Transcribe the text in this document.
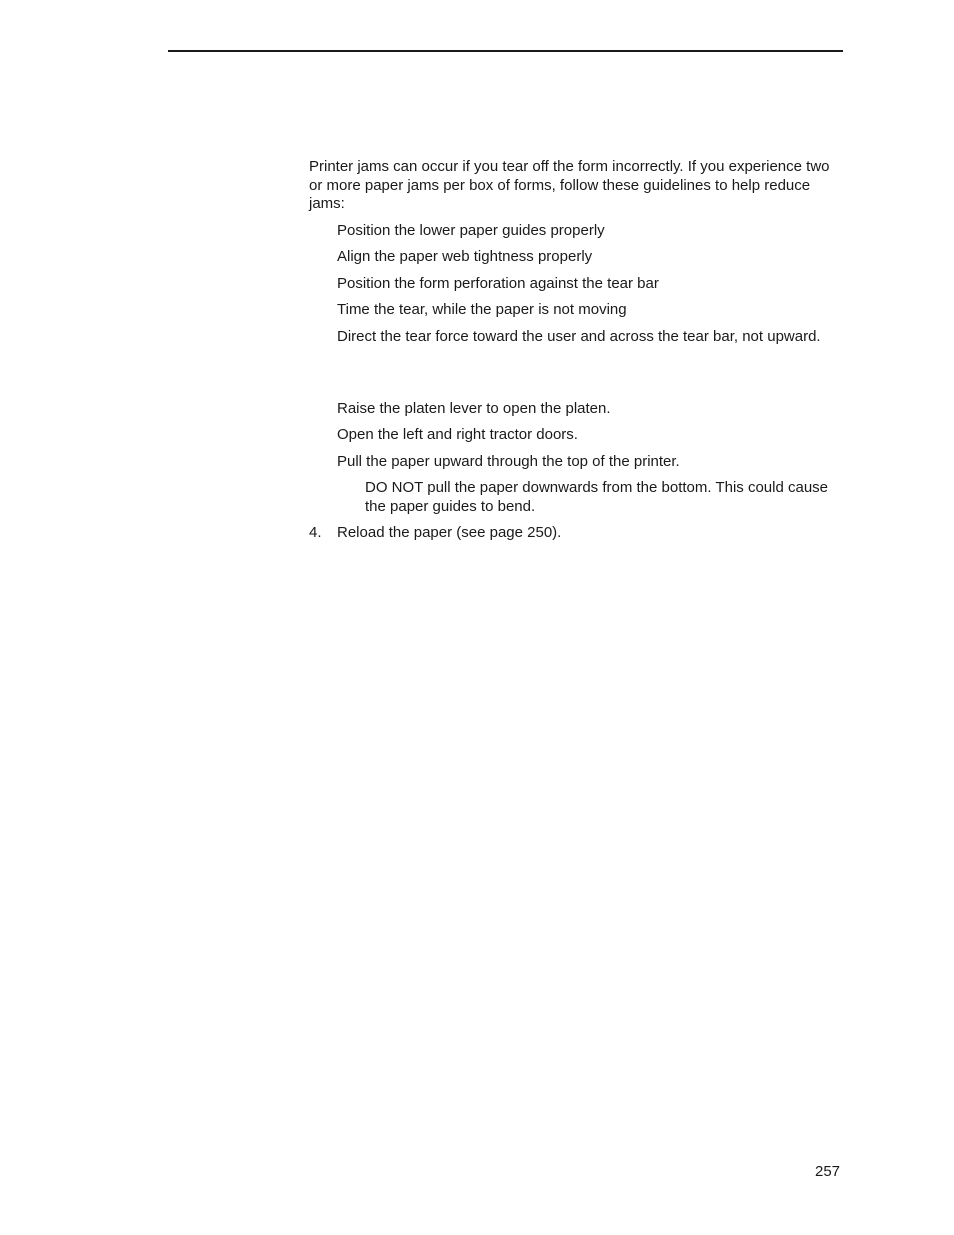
Printer jams can occur if you tear off the form incorrectly. If you experience two or more paper jams per box of forms, follow these guidelines to help reduce jams:
Position the lower paper guides properly
Align the paper web tightness properly
Position the form perforation against the tear bar
Time the tear, while the paper is not moving
Direct the tear force toward the user and across the tear bar, not upward.
Raise the platen lever to open the platen.
Open the left and right tractor doors.
Pull the paper upward through the top of the printer.
DO NOT pull the paper downwards from the bottom. This could cause the paper guides to bend.
4. Reload the paper (see page 250).
257
